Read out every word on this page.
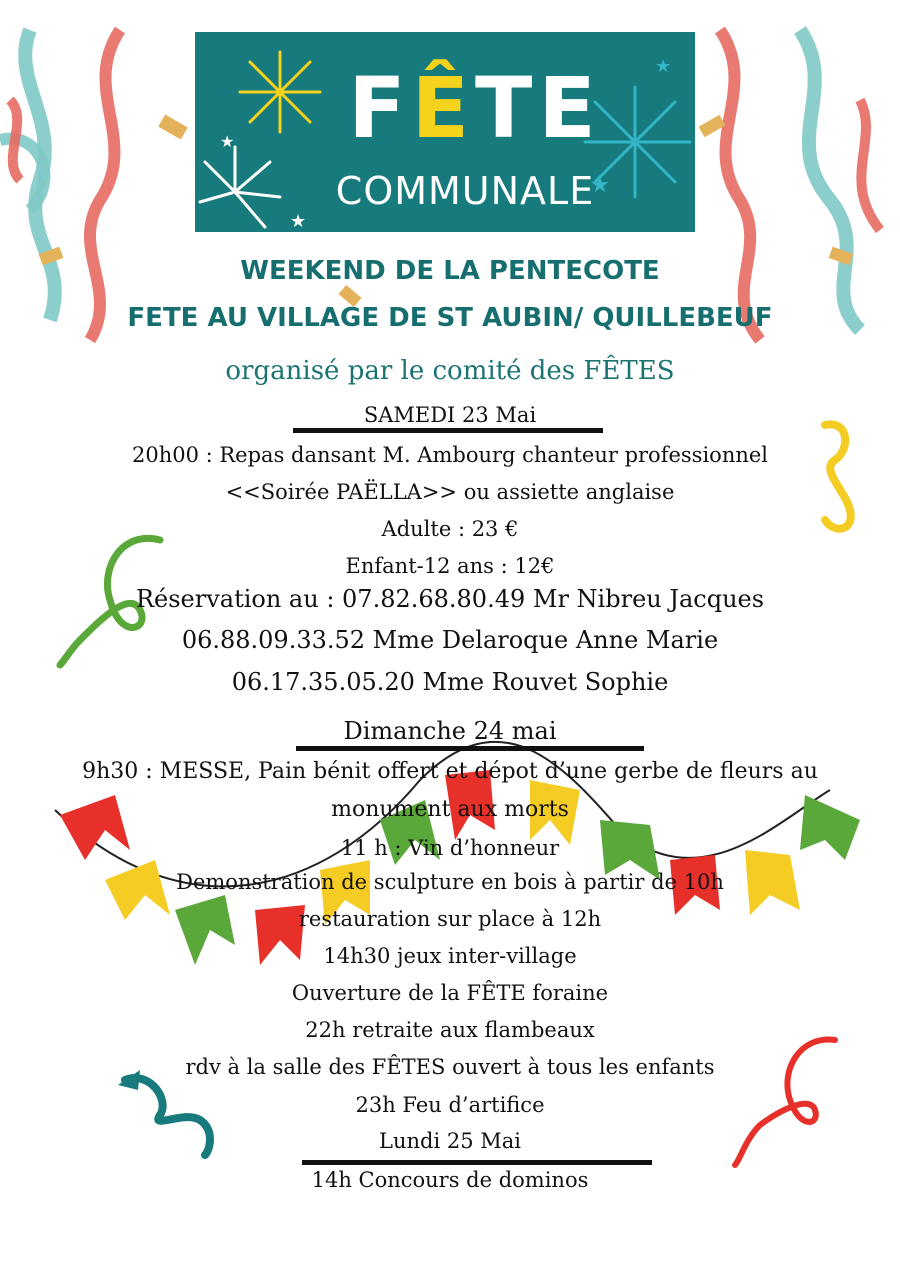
★
★
★
★
FÊTE
COMMUNALE
WEEKEND DE LA PENTECOTE
FETE AU VILLAGE DE ST AUBIN/ QUILLEBEUF
organisé par le comité des FÊTES
SAMEDI 23 Mai
20h00 : Repas dansant M. Ambourg chanteur professionnel
<<Soirée PAËLLA>> ou assiette anglaise
Adulte : 23 €
Enfant-12 ans : 12€
Réservation au : 07.82.68.80.49 Mr Nibreu Jacques
06.88.09.33.52 Mme Delaroque Anne Marie
06.17.35.05.20 Mme Rouvet Sophie
Dimanche 24 mai
9h30 : MESSE, Pain bénit offert et dépot d’une gerbe de fleurs au
monument aux morts
11 h : Vin d’honneur
Demonstration de sculpture en bois à partir de 10h
restauration sur place à 12h
14h30 jeux inter-village
Ouverture de la FÊTE foraine
22h retraite aux flambeaux
rdv à la salle des FÊTES ouvert à tous les enfants
23h Feu d’artifice
Lundi 25 Mai
14h Concours de dominos
